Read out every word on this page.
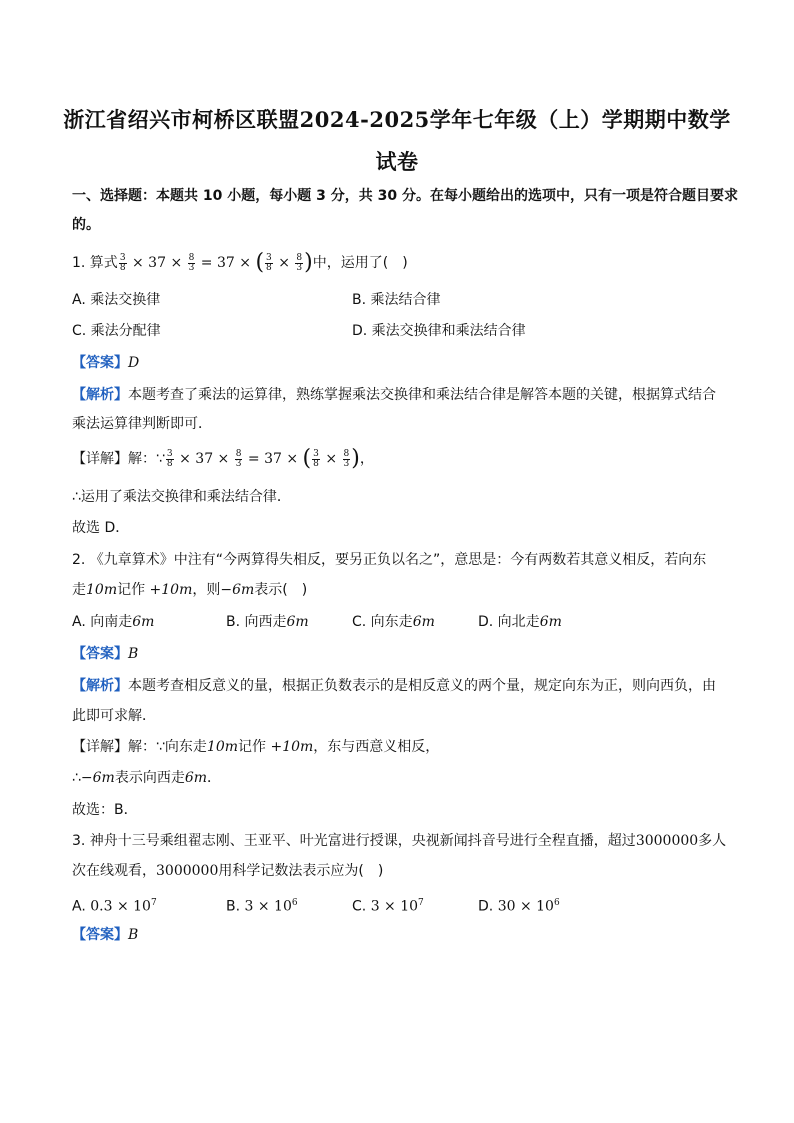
浙江省绍兴市柯桥区联盟2024-2025学年七年级（上）学期期中数学
试卷
一、选择题：本题共 10 小题，每小题 3 分，共 30 分。在每小题给出的选项中，只有一项是符合题目要求
的。
1. 算式 $\frac{3}{8} \times 37 \times \frac{8}{3} = 37$ × ( $\frac{3}{8} \times \frac{8}{3}$ )中，运用了(　)
A. 乘法交换律	B. 乘法结合律
C. 乘法分配律	D. 乘法交换律和乘法结合律
【答案】D
【解析】本题考查了乘法的运算律，熟练掌握乘法交换律和乘法结合律是解答本题的关键，根据算式结合
乘法运算律判断即可．
【详解】解：∵ $\frac{3}{8} \times 37 \times \frac{8}{3} = 37$ × ( $\frac{3}{8} \times \frac{8}{3}$ )，
∴运用了乘法交换律和乘法结合律．
故选 D．
2. 《九章算术》中注有“今两算得失相反，要另正负以名之”，意思是：今有两数若其意义相反，若向东
走10m记作 +10m，则−6m表示(　)
A. 向南走6m	B. 向西走6m	C. 向东走6m	D. 向北走6m
【答案】B
【解析】本题考查相反意义的量，根据正负数表示的是相反意义的两个量，规定向东为正，则向西负，由
此即可求解．
【详解】解：∵向东走10m记作 +10m，东与西意义相反，
∴−6m表示向西走6m．
故选：B．
3. 神舟十三号乘组翟志刚、王亚平、叶光富进行授课，央视新闻抖音号进行全程直播，超过3000000多人
次在线观看，3000000用科学记数法表示应为(　)
A. $0.3 \times 10^7$	B. $3 \times 10^6$	C. $3 \times 10^7$	D. $30 \times 10^6$
【答案】B
